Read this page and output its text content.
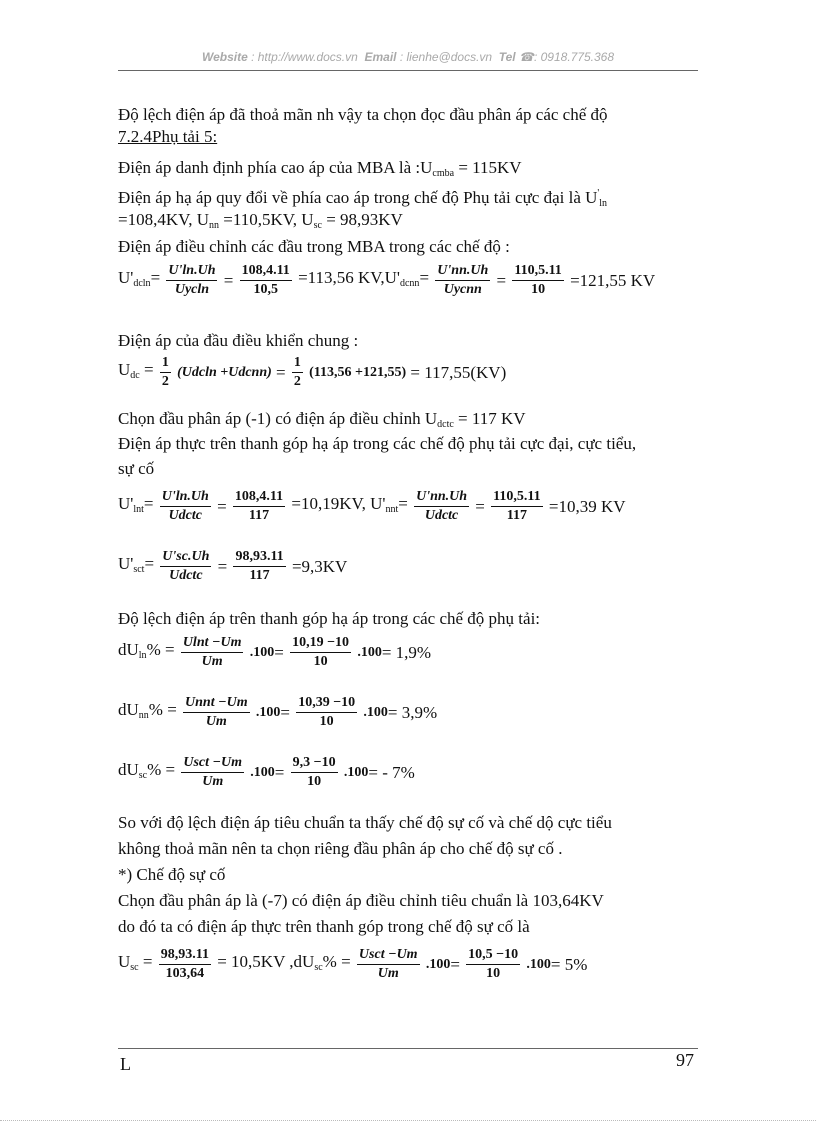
Website : http://www.docs.vn Email : lienhe@docs.vn Tel ☎: 0918.775.368
Độ lệch điện áp đã thoả mãn nh vậy ta chọn đọc đầu phân áp các chế độ
7.2.4Phụ tải 5:
Điện áp danh định phía cao áp của MBA là $:U_{cmba} = 115KV$
Điện áp hạ áp quy đổi về phía cao áp trong chế độ Phụ tải cực đại là $U'_{ln}$
=108,4KV, $U_{nn} =110,5KV$, $U_{sc} = 98,93KV$
Điện áp điều chỉnh các đầu trong MBA trong các chế độ :
$U'_{dcln}= \frac{U'\ln.Uh}{\text{Uycln}} = \frac{108,4.11}{10,5} =113,56$ $KV,U'_{dcnn}= \frac{U'nn.Uh}{\text{Uycnn}} = \frac{110,5.11}{10} =121,55$ KV
Điện áp của đầu điều khiển chung :
$U_{dc} = \frac{1}{2} (Udcln$ +Udcnn) = $\frac{1}{2} (113,56 +121,55) = 117,55(KV)$
Chọn đầu phân áp (-1) có điện áp điều chỉnh $U_{dctc} = 117$ KV
Điện áp thực trên thanh góp hạ áp trong các chế độ phụ tải cực đại, cực tiểu,
sự cố
$U'_{lnt}= \frac{U'\ln.Uh}{\text{Udctc}} = \frac{108,4.11}{117} =10,19KV$, $U'_{nnt}= \frac{U'nn.Uh}{\text{Udctc}} = \frac{110,5.11}{117} =10,39$ KV
$U'_{sct}= \frac{U'sc.Uh}{\text{Udctc}} = \frac{98,93.11}{117} =9,3KV$
Độ lệch điện áp trên thanh góp hạ áp trong các chế độ phụ tải:
$dU_{ln}\% = \frac{Ulnt -Um}{Um} .100= \frac{10,19 -10}{10} .100= 1,9\%$
$dU_{nn}\% = \frac{\text{Unnt −Um}}{Um} .100= \frac{10,39 -10}{10} .100= 3,9\%$
$dU_{sc}\% = \frac{\text{Usct −Um}}{Um} .100= \frac{9,3 -10}{10} .100= - 7\%$
So với độ lệch điện áp tiêu chuẩn ta thấy chế độ sự cố và chế dộ cực tiểu
không thoả mãn nên ta chọn riêng đầu phân áp cho chế độ sự cố .
*) Chế độ sự cố
Chọn đầu phân áp là (-7) có điện áp điều chỉnh tiêu chuẩn là 103,64KV
do đó ta có điện áp thực trên thanh góp trong chế độ sự cố là
$U_{sc} = \frac{98,93.11}{103,64} = 10,5KV$ $,dU_{sc}\% = \frac{\text{Usct −Um}}{Um} .100= \frac{10,5 -10}{10} .100= 5\%$
L	97
